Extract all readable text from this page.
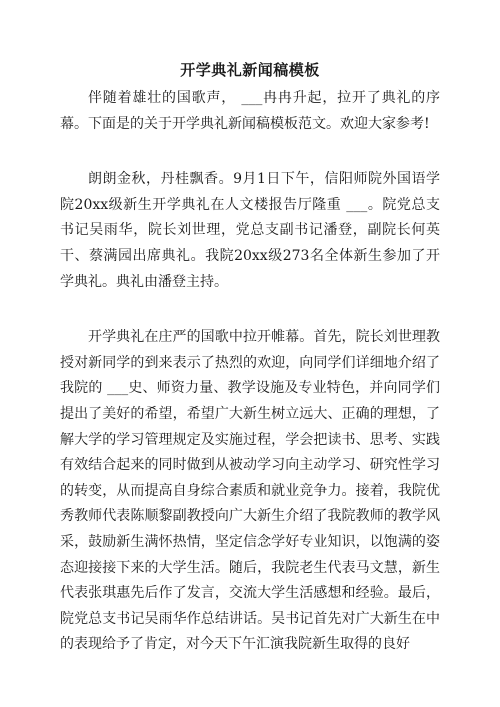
开学典礼新闻稿模板

伴随着雄壮的国歌声， ___冉冉升起，拉开了典礼的序幕。下面是的关于开学典礼新闻稿模板范文。欢迎大家参考!

朗朗金秋，丹桂飘香。9月1日下午，信阳师院外国语学院20xx级新生开学典礼在人文楼报告厅隆重 ___。院党总支书记吴雨华，院长刘世理，党总支副书记潘登，副院长何英干、蔡满园出席典礼。我院20xx级273名全体新生参加了开学典礼。典礼由潘登主持。

开学典礼在庄严的国歌中拉开帷幕。首先，院长刘世理教授对新同学的到来表示了热烈的欢迎，向同学们详细地介绍了我院的 ___史、师资力量、教学设施及专业特色，并向同学们提出了美好的希望，希望广大新生树立远大、正确的理想，了解大学的学习管理规定及实施过程，学会把读书、思考、实践有效结合起来的同时做到从被动学习向主动学习、研究性学习的转变，从而提高自身综合素质和就业竞争力。接着，我院优秀教师代表陈顺黎副教授向广大新生介绍了我院教师的教学风采，鼓励新生满怀热情，坚定信念学好专业知识，以饱满的姿态迎接接下来的大学生活。随后，我院老生代表马文慧，新生代表张琪惠先后作了发言，交流大学生活感想和经验。最后，院党总支书记吴雨华作总结讲话。吴书记首先对广大新生在中的表现给予了肯定，对今天下午汇演我院新生取得的良好
